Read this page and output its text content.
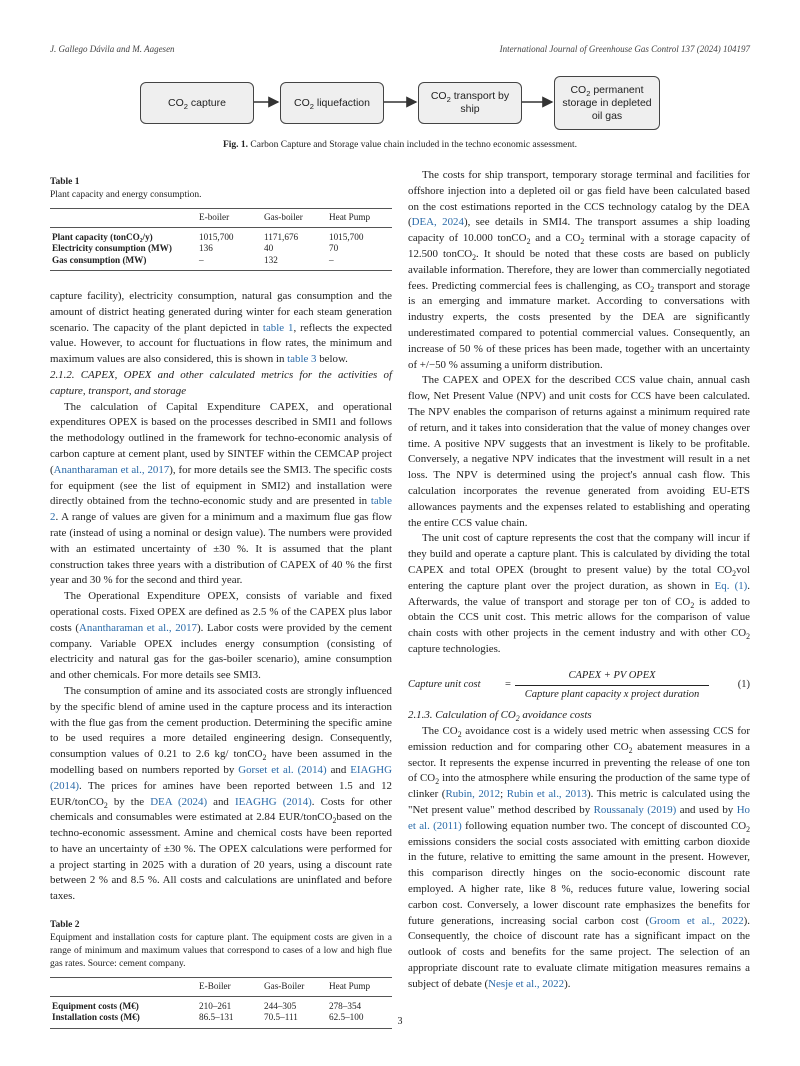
J. Gallego Dávila and M. Aagesen	International Journal of Greenhouse Gas Control 137 (2024) 104197
$CO_2$ capture	$CO_2$ liquefaction
$CO_2$ transport by ship
$CO_2$ permanent storage in depleted oil gas
Fig. 1. Carbon Capture and Storage value chain included in the techno economic assessment.
Table 1
Plant capacity and energy consumption.
	E-boiler	Gas-boiler	Heat Pump
Plant capacity (tonCO₂/y)	1015,700	1171,676	1015,700
Electricity consumption (MW)	136	40	70
Gas consumption (MW)	–	132	–

capture facility), electricity consumption, natural gas consumption and the amount of district heating generated during winter for each steam generation scenario. The capacity of the plant depicted in table 1, reflects the expected value. However, to account for fluctuations in flow rates, the minimum and maximum values are also considered, this is shown in table 3 below.

2.1.2. CAPEX, OPEX and other calculated metrics for the activities of capture, transport, and storage

The calculation of Capital Expenditure CAPEX, and operational expenditures OPEX is based on the processes described in SMI1 and follows the methodology outlined in the framework for techno-economic analysis of carbon capture at cement plant, used by SINTEF within the CEMCAP project (Anantharaman et al., 2017), for more details see the SMI3. The specific costs for equipment (see the list of equipment in SMI2) and installation were directly obtained from the techno-economic study and are presented in table 2. A range of values are given for a minimum and a maximum flue gas flow rate (instead of using a nominal or design value). The numbers were provided with an estimated uncertainty of ±30 %. It is assumed that the plant construction takes three years with a distribution of CAPEX of 40 % the first year and 30 % for the second and third year.

The Operational Expenditure OPEX, consists of variable and fixed operational costs. Fixed OPEX are defined as 2.5 % of the CAPEX plus labor costs (Anantharaman et al., 2017). Labor costs were provided by the cement company. Variable OPEX includes energy consumption (consisting of electricity and natural gas for the gas-boiler scenario), amine consumption and other chemicals. For more details see SMI3.

The consumption of amine and its associated costs are strongly influenced by the specific blend of amine used in the capture process and its interaction with the flue gas from the cement production. Determining the specific amine to be used requires a more detailed engineering design. Consequently, consumption values of 0.21 to 2.6 kg/ tonCO$_2$ have been assumed in the modelling based on numbers reported by Gorset et al. (2014) and EIAGHG (2014). The prices for amines have been reported between 1.5 and 12 EUR/tonCO$_2$ by the DEA (2024) and IEAGHG (2014). Costs for other chemicals and consumables were estimated at 2.84 EUR/tonCO$_2$based on the techno-economic assessment. Amine and chemical costs have been reported to have an uncertainty of ±30 %. The OPEX calculations were performed for a project starting in 2025 with a duration of 20 years, using a discount rate between 2 % and 8.5 %. All costs and calculations are uninflated and before taxes.

Table 2
Equipment and installation costs for capture plant. The equipment costs are given in a range of minimum and maximum values that correspond to cases of a low and high flue gas rates. Source: cement company.
	E-Boiler	Gas-Boiler	Heat Pump
Equipment costs (M€)	210–261	244–305	278–354
Installation costs (M€)	86.5–131	70.5–111	62.5–100

The costs for ship transport, temporary storage terminal and facilities for offshore injection into a depleted oil or gas field have been calculated based on the cost estimations reported in the CCS technology catalog by the DEA (DEA, 2024), see details in SMI4. The transport assumes a ship loading capacity of 10.000 tonCO$_2$ and a $CO_2$ terminal with a storage capacity of 12.500 tonCO$_2$. It should be noted that these costs are based on publicly available information. Therefore, they are lower than commercially negotiated fees. Predicting commercial fees is challenging, as $CO_2$ transport and storage is an emerging and immature market. According to conversations with industry experts, the costs presented by the DEA are significantly underestimated compared to potential commercial values. Consequently, an increase of 50 % of these prices has been made, together with an uncertainty of +/−50 % assuming a uniform distribution.

The CAPEX and OPEX for the described CCS value chain, annual cash flow, Net Present Value (NPV) and unit costs for CCS have been calculated. The NPV enables the comparison of returns against a minimum required rate of return, and it takes into consideration that the value of money changes over time. A positive NPV suggests that an investment is likely to be profitable. Conversely, a negative NPV indicates that the investment will result in a net loss. The NPV is determined using the project's annual cash flow. This calculation incorporates the revenue generated from avoiding EU-ETS allowances payments and the expenses related to establishing and operating the entire CCS value chain.

The unit cost of capture represents the cost that the company will incur if they build and operate a capture plant. This is calculated by dividing the total CAPEX and total OPEX (brought to present value) by the total $CO_2vol$ entering the capture plant over the project duration, as shown in Eq. (1). Afterwards, the value of transport and storage per ton of $CO_2$ is added to obtain the CCS unit cost. This metric allows for the comparison of value chain costs with other projects in the cement industry and with other $CO_2$ capture technologies.

Capture unit cost	= $\frac{\text{CAPEX + PV OPEX}}{\text{Capture plant capacity x project duration}}$	(1)

2.1.3. Calculation of $CO_2$ avoidance costs

The $CO_2$ avoidance cost is a widely used metric when assessing CCS for emission reduction and for comparing other $CO_2$ abatement measures in a sector. It represents the expense incurred in preventing the release of one ton of $CO_2$ into the atmosphere while ensuring the production of the same type of clinker (Rubin, 2012; Rubin et al., 2013). This metric is calculated using the "Net present value" method described by Roussanaly (2019) and used by Ho et al. (2011) following equation number two. The concept of discounted $CO_2$ emissions considers the social costs associated with emitting carbon dioxide in the future, relative to emitting the same amount in the present. However, this comparison directly hinges on the socio-economic discount rate employed. A higher rate, like 8 %, reduces future value, lowering social carbon cost. Conversely, a lower discount rate emphasizes the benefits for future generations, increasing social carbon cost (Groom et al., 2022). Consequently, the choice of discount rate has a significant impact on the outlook of costs and benefits for the same project. The selection of an appropriate discount rate to evaluate climate mitigation measures remains a subject of debate (Nesje et al., 2022).

3
